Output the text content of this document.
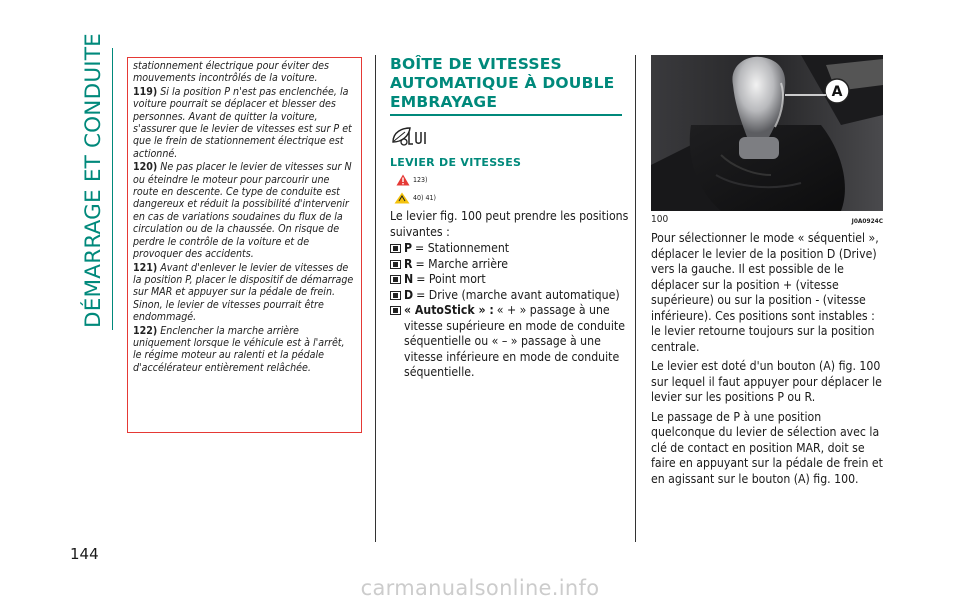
DÉMARRAGE ET CONDUITE
144

stationnement électrique pour éviter des mouvements incontrôlés de la voiture.

119) Si la position P n'est pas enclenchée, la voiture pourrait se déplacer et blesser des personnes. Avant de quitter la voiture, s'assurer que le levier de vitesses est sur P et que le frein de stationnement électrique est actionné.

120) Ne pas placer le levier de vitesses sur N ou éteindre le moteur pour parcourir une route en descente. Ce type de conduite est dangereux et réduit la possibilité d'intervenir en cas de variations soudaines du flux de la circulation ou de la chaussée. On risque de perdre le contrôle de la voiture et de provoquer des accidents.

121) Avant d'enlever le levier de vitesses de la position P, placer le dispositif de démarrage sur MAR et appuyer sur la pédale de frein. Sinon, le levier de vitesses pourrait être endommagé.

122) Enclencher la marche arrière uniquement lorsque le véhicule est à l'arrêt, le régime moteur au ralenti et la pédale d'accélérateur entièrement relâchée.

BOÎTE DE VITESSES AUTOMATIQUE À DOUBLE EMBRAYAGE
LEVIER DE VITESSES
123)
40) 41)

Le levier fig. 100 peut prendre les positions suivantes :

P = Stationnement
R = Marche arrière
N = Point mort
D = Drive (marche avant automatique)
« AutoStick » : « + » passage à une vitesse supérieure en mode de conduite séquentielle ou « – » passage à une vitesse inférieure en mode de conduite séquentielle.
A
100	J0A0924C

Pour sélectionner le mode « séquentiel », déplacer le levier de la position D (Drive) vers la gauche. Il est possible de le déplacer sur la position + (vitesse supérieure) ou sur la position - (vitesse inférieure). Ces positions sont instables : le levier retourne toujours sur la position centrale.

Le levier est doté d'un bouton (A) fig. 100 sur lequel il faut appuyer pour déplacer le levier sur les positions P ou R.

Le passage de P à une position quelconque du levier de sélection avec la clé de contact en position MAR, doit se faire en appuyant sur la pédale de frein et en agissant sur le bouton (A) fig. 100.

carmanualsonline.info
